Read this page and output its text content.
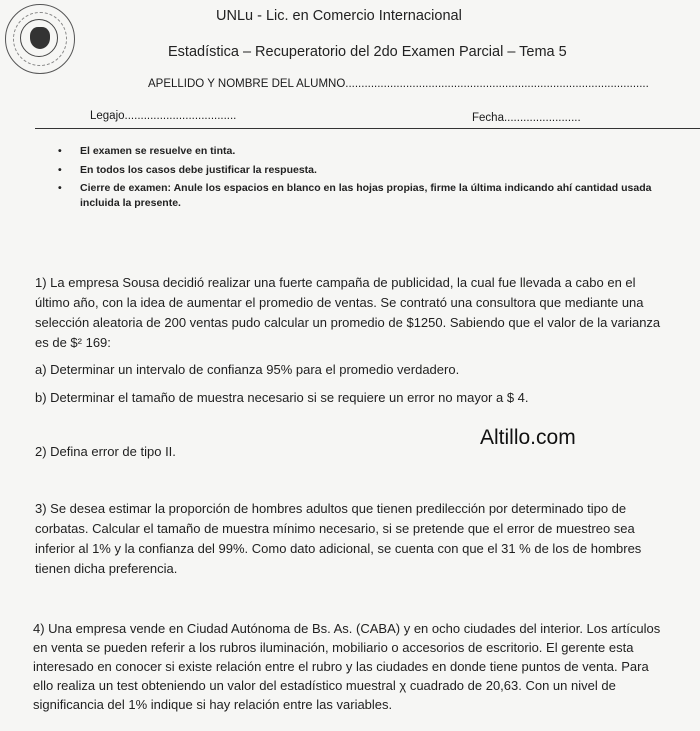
UNLu - Lic. en Comercio Internacional

Estadística – Recuperatorio del 2do Examen Parcial – Tema 5

APELLIDO Y NOMBRE DEL ALUMNO...............................................................................................
Legajo...................................	Fecha........................
• El examen se resuelve en tinta.
• En todos los casos debe justificar la respuesta.
• Cierre de examen: Anule los espacios en blanco en las hojas propias, firme la última indicando ahí cantidad usada
incluida la presente.

1) La empresa Sousa decidió realizar una fuerte campaña de publicidad, la cual fue llevada a cabo en el

último año, con la idea de aumentar el promedio de ventas. Se contrató una consultora que mediante una

selección aleatoria de 200 ventas pudo calcular un promedio de $1250. Sabiendo que el valor de la varianza

es de $² 169:

a) Determinar un intervalo de confianza 95% para el promedio verdadero.

b) Determinar el tamaño de muestra necesario si se requiere un error no mayor a $ 4.

2) Defina error de tipo II.

Altillo.com

3) Se desea estimar la proporción de hombres adultos que tienen predilección por determinado tipo de

corbatas. Calcular el tamaño de muestra mínimo necesario, si se pretende que el error de muestreo sea

inferior al 1% y la confianza del 99%. Como dato adicional, se cuenta con que el 31 % de los de hombres

tienen dicha preferencia.

4) Una empresa vende en Ciudad Autónoma de Bs. As. (CABA) y en ocho ciudades del interior. Los artículos

en venta se pueden referir a los rubros iluminación, mobiliario o accesorios de escritorio. El gerente esta

interesado en conocer si existe relación entre el rubro y las ciudades en donde tiene puntos de venta. Para

ello realiza un test obteniendo un valor del estadístico muestral χ cuadrado de 20,63. Con un nivel de

significancia del 1% indique si hay relación entre las variables.
